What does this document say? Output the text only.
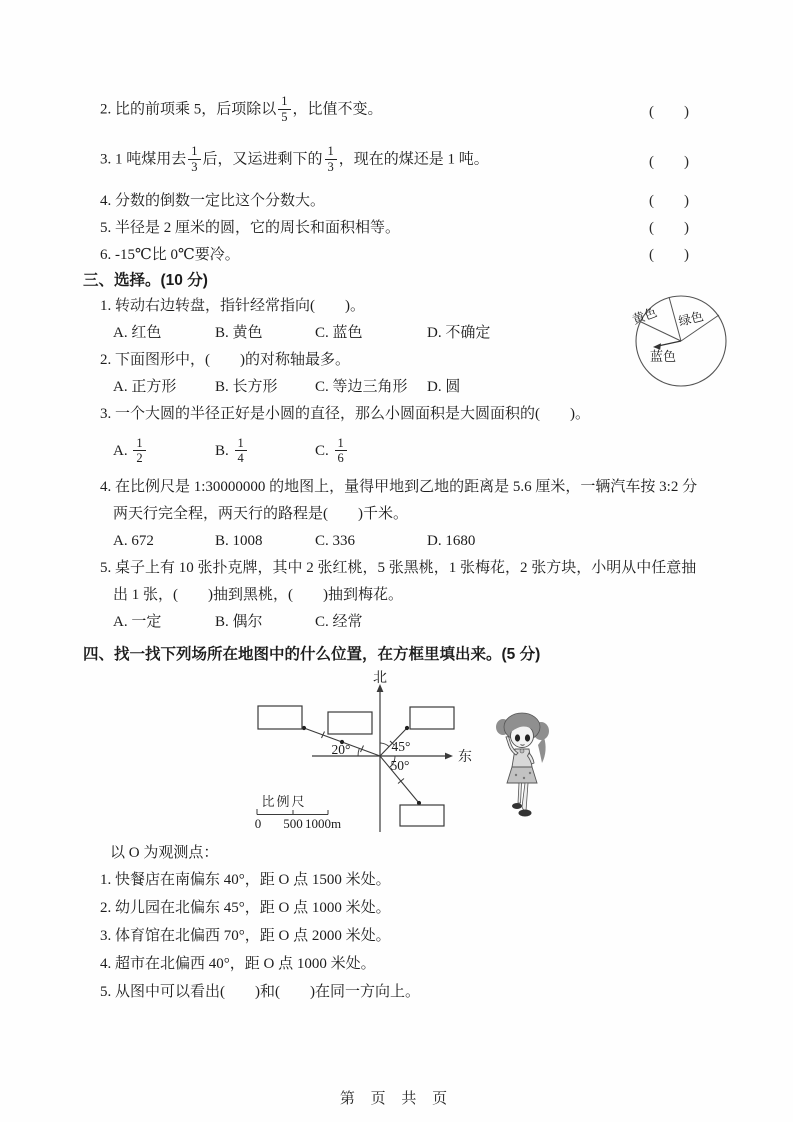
2. 比的前项乘 5，后项除以 $\frac{1}{5}$ ，比值不变。	(　　)
3. 1 吨煤用去 $\frac{1}{3}$ 后，又运进剩下的 $\frac{1}{3}$ ，现在的煤还是 1 吨。	(　　)
4. 分数的倒数一定比这个分数大。	(　　)
5. 半径是 2 厘米的圆，它的周长和面积相等。	(　　)
6. -15℃比 0℃要冷。	(　　)
三、选择。(10 分)
1. 转动右边转盘，指针经常指向(　　)。
A. 红色	B. 黄色	C. 蓝色	D. 不确定
2. 下面图形中，(　　)的对称轴最多。
A. 正方形	B. 长方形	C. 等边三角形	D. 圆
3. 一个大圆的半径正好是小圆的直径，那么小圆面积是大圆面积的(　　)。
A. $\frac{1}{2}$	B. $\frac{1}{4}$	C. $\frac{1}{6}$
4. 在比例尺是 1:30000000 的地图上，量得甲地到乙地的距离是 5.6 厘米，一辆汽车按 3:2 分两天行完全程，两天行的路程是(　　)千米。
A. 672	B. 1008	C. 336	D. 1680
5. 桌子上有 10 张扑克牌，其中 2 张红桃，5 张黑桃，1 张梅花，2 张方块，小明从中任意抽出 1 张，(　　)抽到黑桃，(　　)抽到梅花。
A. 一定	B. 偶尔	C. 经常
四、找一找下列场所在地图中的什么位置，在方框里填出来。(5 分)
北
东
20°	45°
50°
比例尺
0 500 1000m
以 O 为观测点：
1. 快餐店在南偏东 40°，距 O 点 1500 米处。
2. 幼儿园在北偏东 45°，距 O 点 1000 米处。
3. 体育馆在北偏西 70°，距 O 点 2000 米处。
4. 超市在北偏西 40°，距 O 点 1000 米处。
5. 从图中可以看出(　　)和(　　)在同一方向上。
黄色 绿色
蓝色
第 页 共 页
